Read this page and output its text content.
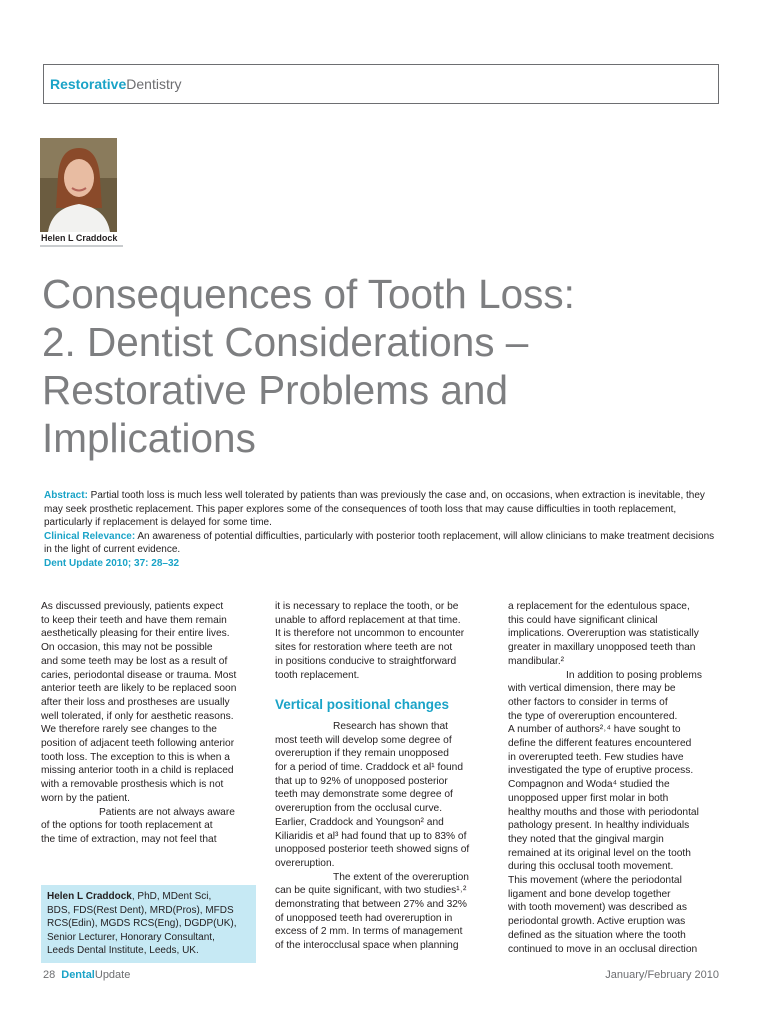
RestorativeDentistry
Helen L Craddock
Consequences of Tooth Loss:
2. Dentist Considerations –
Restorative Problems and
Implications
Abstract: Partial tooth loss is much less well tolerated by patients than was previously the case and, on occasions, when extraction is inevitable, they may seek prosthetic replacement. This paper explores some of the consequences of tooth loss that may cause difficulties in tooth replacement, particularly if replacement is delayed for some time.
Clinical Relevance: An awareness of potential difficulties, particularly with posterior tooth replacement, will allow clinicians to make treatment decisions in the light of current evidence.
Dent Update 2010; 37: 28–32

As discussed previously, patients expect
to keep their teeth and have them remain
aesthetically pleasing for their entire lives.
On occasion, this may not be possible
and some teeth may be lost as a result of
caries, periodontal disease or trauma. Most
anterior teeth are likely to be replaced soon
after their loss and prostheses are usually
well tolerated, if only for aesthetic reasons.
We therefore rarely see changes to the
position of adjacent teeth following anterior
tooth loss. The exception to this is when a
missing anterior tooth in a child is replaced
with a removable prosthesis which is not
worn by the patient.

Patients are not always aware
of the options for tooth replacement at
the time of extraction, may not feel that

it is necessary to replace the tooth, or be
unable to afford replacement at that time.
It is therefore not uncommon to encounter
sites for restoration where teeth are not
in positions conducive to straightforward
tooth replacement.

Vertical positional changes

Research has shown that
most teeth will develop some degree of
overeruption if they remain unopposed
for a period of time. Craddock et al¹ found
that up to 92% of unopposed posterior
teeth may demonstrate some degree of
overeruption from the occlusal curve.
Earlier, Craddock and Youngson² and
Kiliaridis et al³ had found that up to 83% of
unopposed posterior teeth showed signs of
overeruption.

The extent of the overeruption
can be quite significant, with two studies¹˒²
demonstrating that between 27% and 32%
of unopposed teeth had overeruption in
excess of 2 mm. In terms of management
of the interocclusal space when planning

a replacement for the edentulous space,
this could have significant clinical
implications. Overeruption was statistically
greater in maxillary unopposed teeth than
mandibular.²

In addition to posing problems
with vertical dimension, there may be
other factors to consider in terms of
the type of overeruption encountered.
A number of authors²˒⁴ have sought to
define the different features encountered
in overerupted teeth. Few studies have
investigated the type of eruptive process.
Compagnon and Woda⁴ studied the
unopposed upper first molar in both
healthy mouths and those with periodontal
pathology present. In healthy individuals
they noted that the gingival margin
remained at its original level on the tooth
during this occlusal tooth movement.
This movement (where the periodontal
ligament and bone develop together
with tooth movement) was described as
periodontal growth. Active eruption was
defined as the situation where the tooth
continued to move in an occlusal direction

Helen L Craddock, PhD, MDent Sci,
BDS, FDS(Rest Dent), MRD(Pros), MFDS
RCS(Edin), MGDS RCS(Eng), DGDP(UK),
Senior Lecturer, Honorary Consultant,
Leeds Dental Institute, Leeds, UK.
28 DentalUpdate	January/February 2010
